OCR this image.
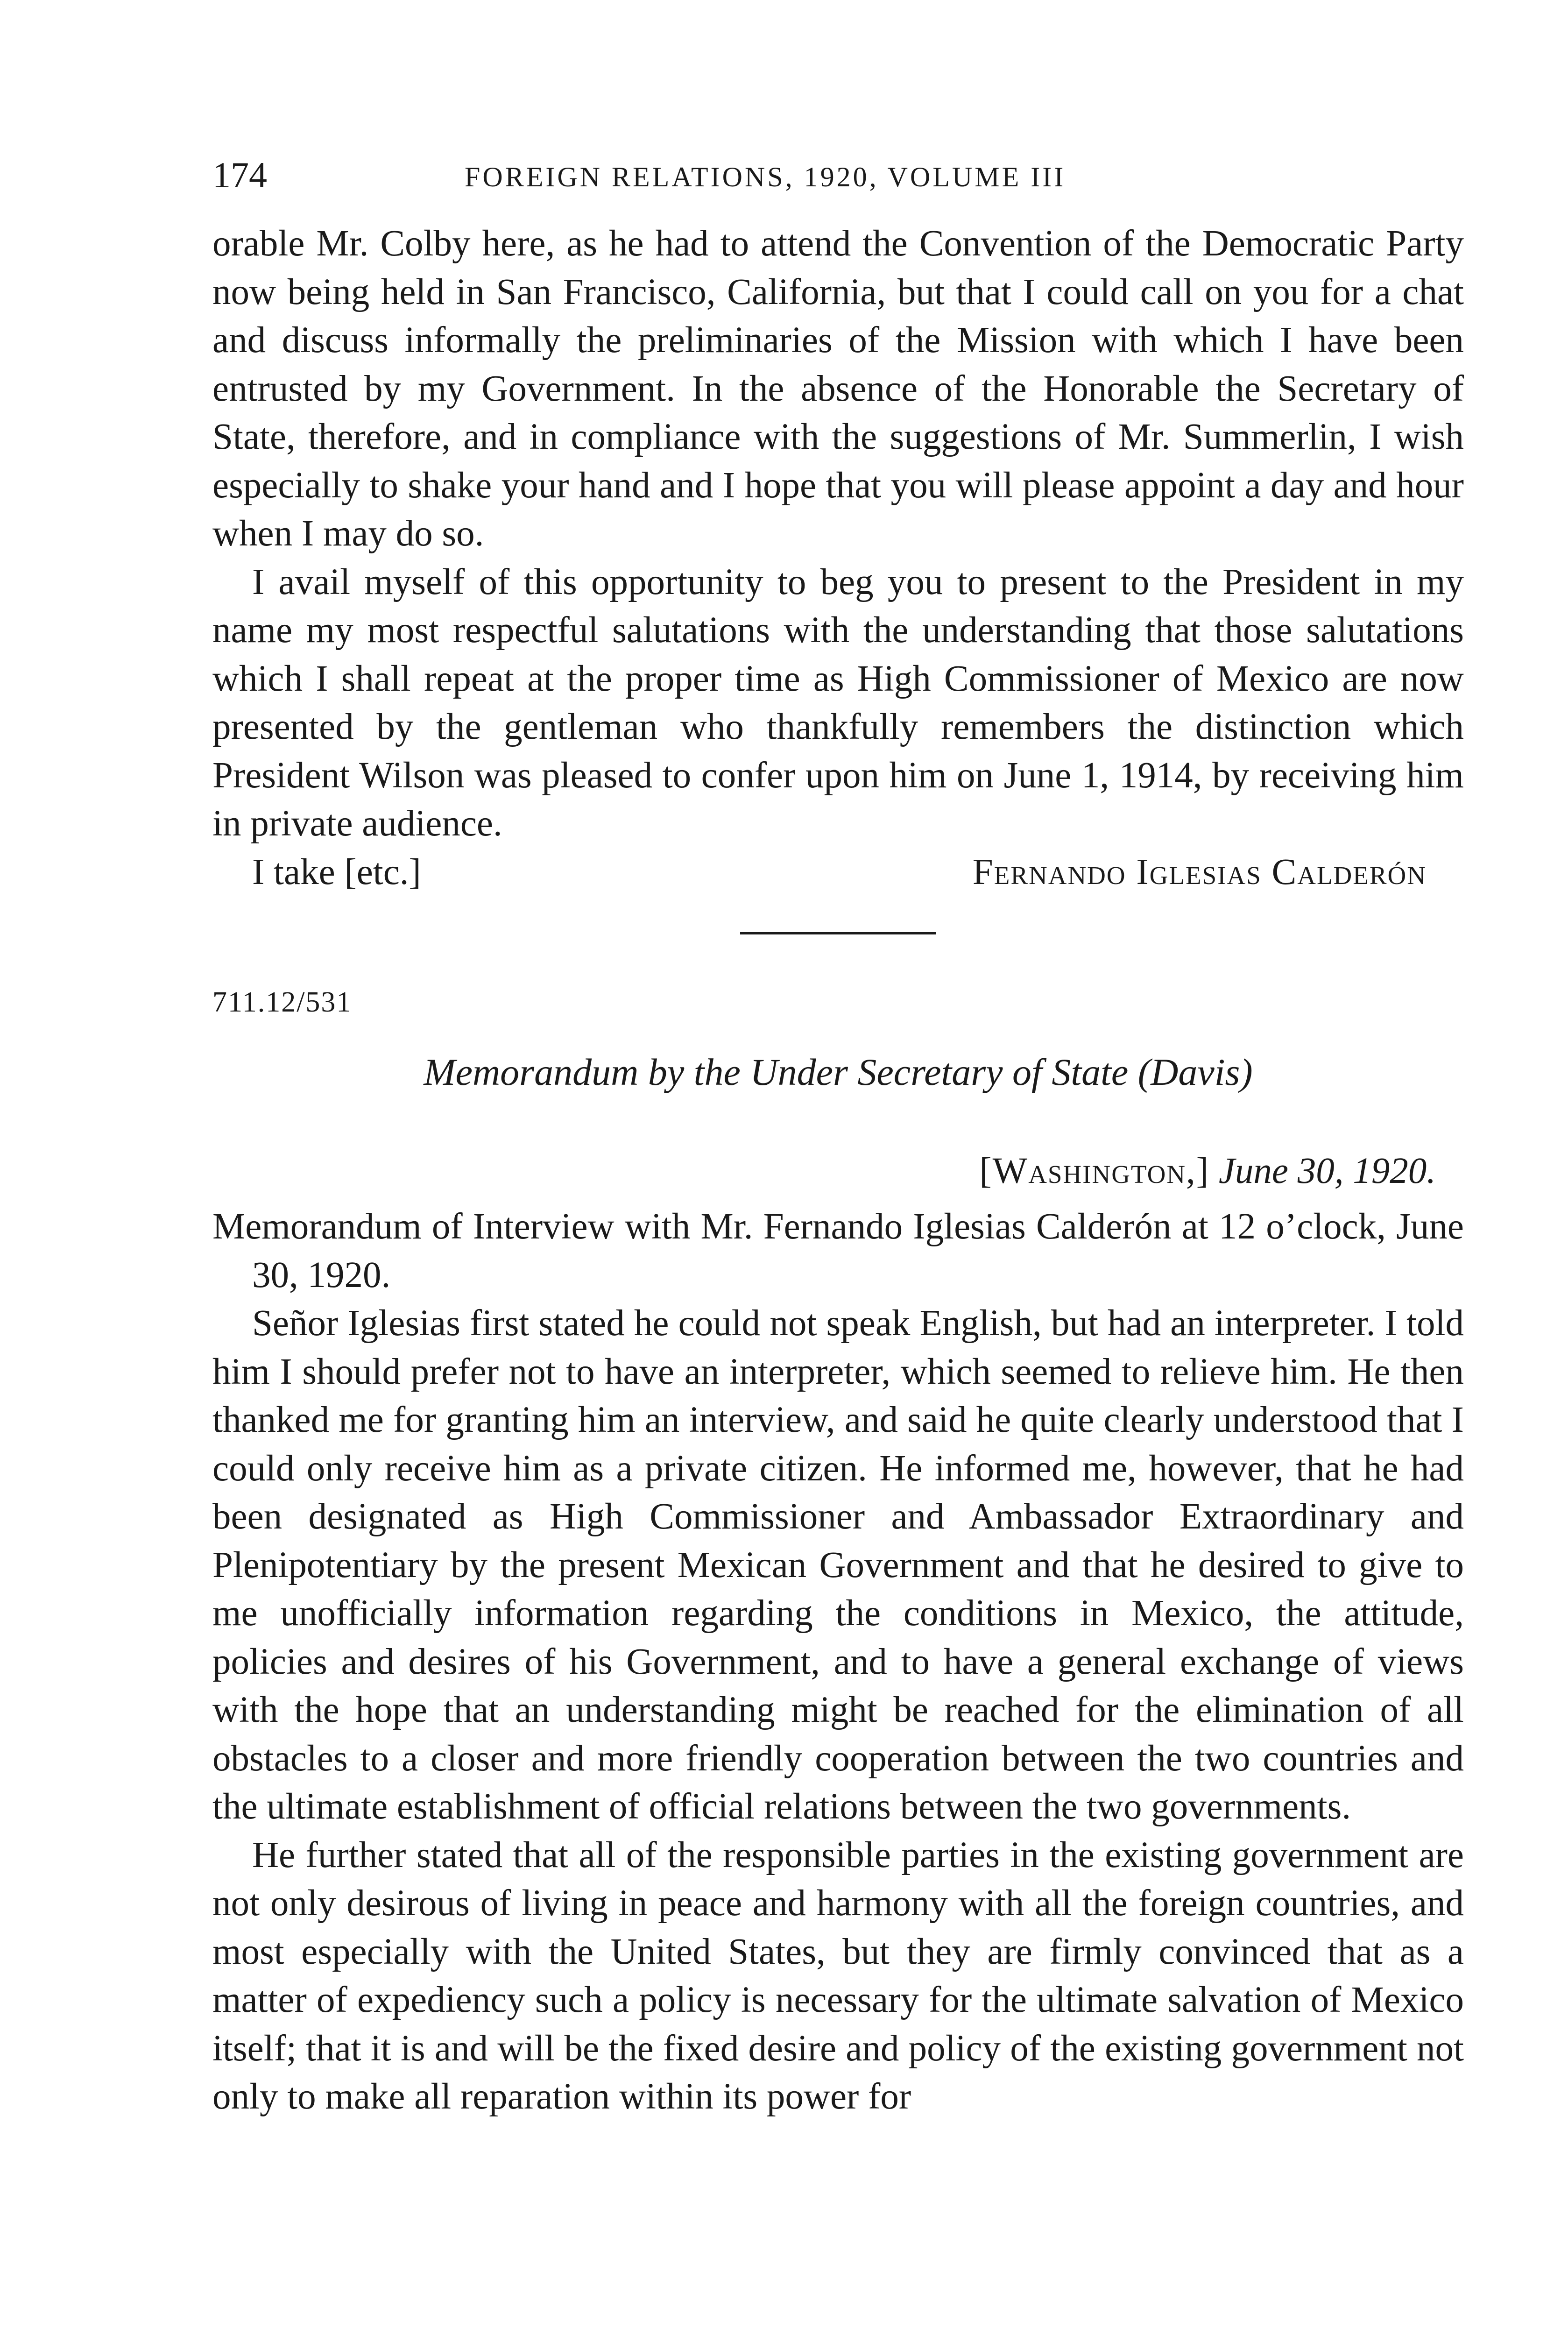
174	FOREIGN RELATIONS, 1920, VOLUME III

orable Mr. Colby here, as he had to attend the Convention of the Democratic Party now being held in San Francisco, California, but that I could call on you for a chat and discuss informally the preliminaries of the Mission with which I have been entrusted by my Government. In the absence of the Honorable the Secretary of State, therefore, and in compliance with the suggestions of Mr. Summerlin, I wish especially to shake your hand and I hope that you will please appoint a day and hour when I may do so.

I avail myself of this opportunity to beg you to present to the President in my name my most respectful salutations with the understanding that those salutations which I shall repeat at the proper time as High Commissioner of Mexico are now presented by the gentleman who thankfully remembers the distinction which President Wilson was pleased to confer upon him on June 1, 1914, by receiving him in private audience.

I take [etc.]	Fernando Iglesias Calderón
711.12/531
Memorandum by the Under Secretary of State (Davis)
[Washington,] June 30, 1920.

Memorandum of Interview with Mr. Fernando Iglesias Calderón at 12 o’clock, June 30, 1920.

Señor Iglesias first stated he could not speak English, but had an interpreter. I told him I should prefer not to have an interpreter, which seemed to relieve him. He then thanked me for granting him an interview, and said he quite clearly understood that I could only receive him as a private citizen. He informed me, however, that he had been designated as High Commissioner and Ambassador Extraordinary and Plenipotentiary by the present Mexican Government and that he desired to give to me unofficially information regarding the conditions in Mexico, the attitude, policies and desires of his Government, and to have a general exchange of views with the hope that an understanding might be reached for the elimination of all obstacles to a closer and more friendly cooperation between the two countries and the ultimate establishment of official relations between the two governments.

He further stated that all of the responsible parties in the existing government are not only desirous of living in peace and harmony with all the foreign countries, and most especially with the United States, but they are firmly convinced that as a matter of expediency such a policy is necessary for the ultimate salvation of Mexico itself; that it is and will be the fixed desire and policy of the existing government not only to make all reparation within its power for
